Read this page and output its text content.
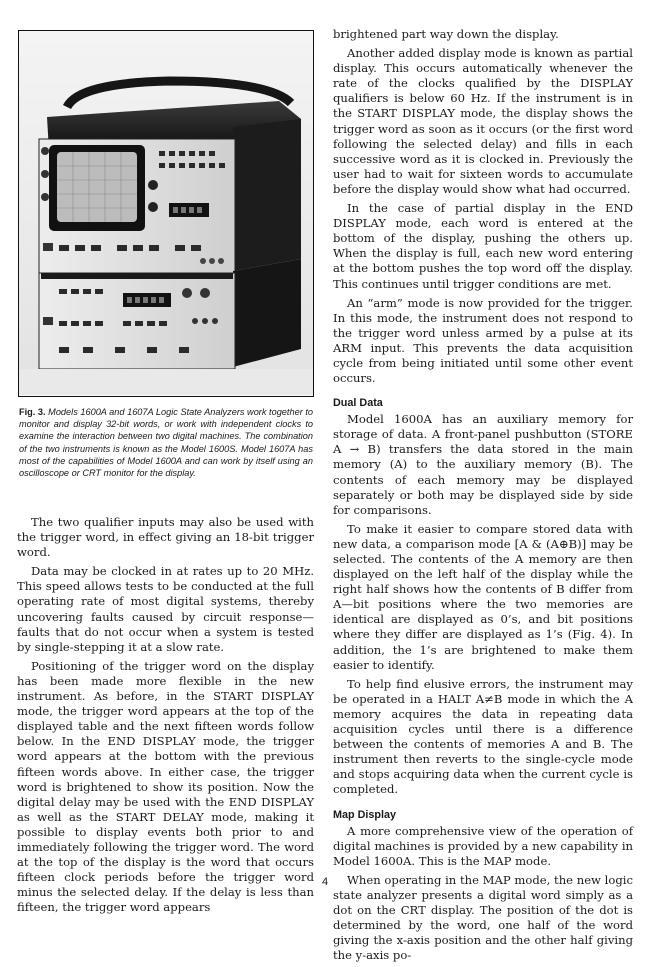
Fig. 3. Models 1600A and 1607A Logic State Analyzers work together to monitor and display 32-bit words, or work with independent clocks to examine the interaction between two digital machines. The combination of the two instruments is known as the Model 1600S. Model 1607A has most of the capabilities of Model 1600A and can work by itself using an oscilloscope or CRT monitor for the display.

The two qualifier inputs may also be used with the trigger word, in effect giving an 18-bit trigger word.

Data may be clocked in at rates up to 20 MHz. This speed allows tests to be conducted at the full operating rate of most digital systems, thereby uncovering faults caused by circuit response—faults that do not occur when a system is tested by single-stepping it at a slow rate.

Positioning of the trigger word on the display has been made more flexible in the new instrument. As before, in the START DISPLAY mode, the trigger word appears at the top of the displayed table and the next fifteen words follow below. In the END DISPLAY mode, the trigger word appears at the bottom with the previous fifteen words above. In either case, the trigger word is brightened to show its position. Now the digital delay may be used with the END DISPLAY as well as the START DELAY mode, making it possible to display events both prior to and immediately following the trigger word. The word at the top of the display is the word that occurs fifteen clock periods before the trigger word minus the selected delay. If the delay is less than fifteen, the trigger word appears

brightened part way down the display.

Another added display mode is known as partial display. This occurs automatically whenever the rate of the clocks qualified by the DISPLAY qualifiers is below 60 Hz. If the instrument is in the START DISPLAY mode, the display shows the trigger word as soon as it occurs (or the first word following the selected delay) and fills in each successive word as it is clocked in. Previously the user had to wait for sixteen words to accumulate before the display would show what had occurred.

In the case of partial display in the END DISPLAY mode, each word is entered at the bottom of the display, pushing the others up. When the display is full, each new word entering at the bottom pushes the top word off the display. This continues until trigger conditions are met.

An “arm” mode is now provided for the trigger. In this mode, the instrument does not respond to the trigger word unless armed by a pulse at its ARM input. This prevents the data acquisition cycle from being initiated until some other event occurs.

Dual Data

Model 1600A has an auxiliary memory for storage of data. A front-panel pushbutton (STORE A → B) transfers the data stored in the main memory (A) to the auxiliary memory (B). The contents of each memory may be displayed separately or both may be displayed side by side for comparisons.

To make it easier to compare stored data with new data, a comparison mode [A & (A⊕B)] may be selected. The contents of the A memory are then displayed on the left half of the display while the right half shows how the contents of B differ from A—bit positions where the two memories are identical are displayed as 0’s, and bit positions where they differ are displayed as 1’s (Fig. 4). In addition, the 1’s are brightened to make them easier to identify.

To help find elusive errors, the instrument may be operated in a HALT A≠B mode in which the A memory acquires the data in repeating data acquisition cycles until there is a difference between the contents of memories A and B. The instrument then reverts to the single-cycle mode and stops acquiring data when the current cycle is completed.

Map Display

A more comprehensive view of the operation of digital machines is provided by a new capability in Model 1600A. This is the MAP mode.

When operating in the MAP mode, the new logic state analyzer presents a digital word simply as a dot on the CRT display. The position of the dot is determined by the word, one half of the word giving the x-axis position and the other half giving the y-axis po-

4
